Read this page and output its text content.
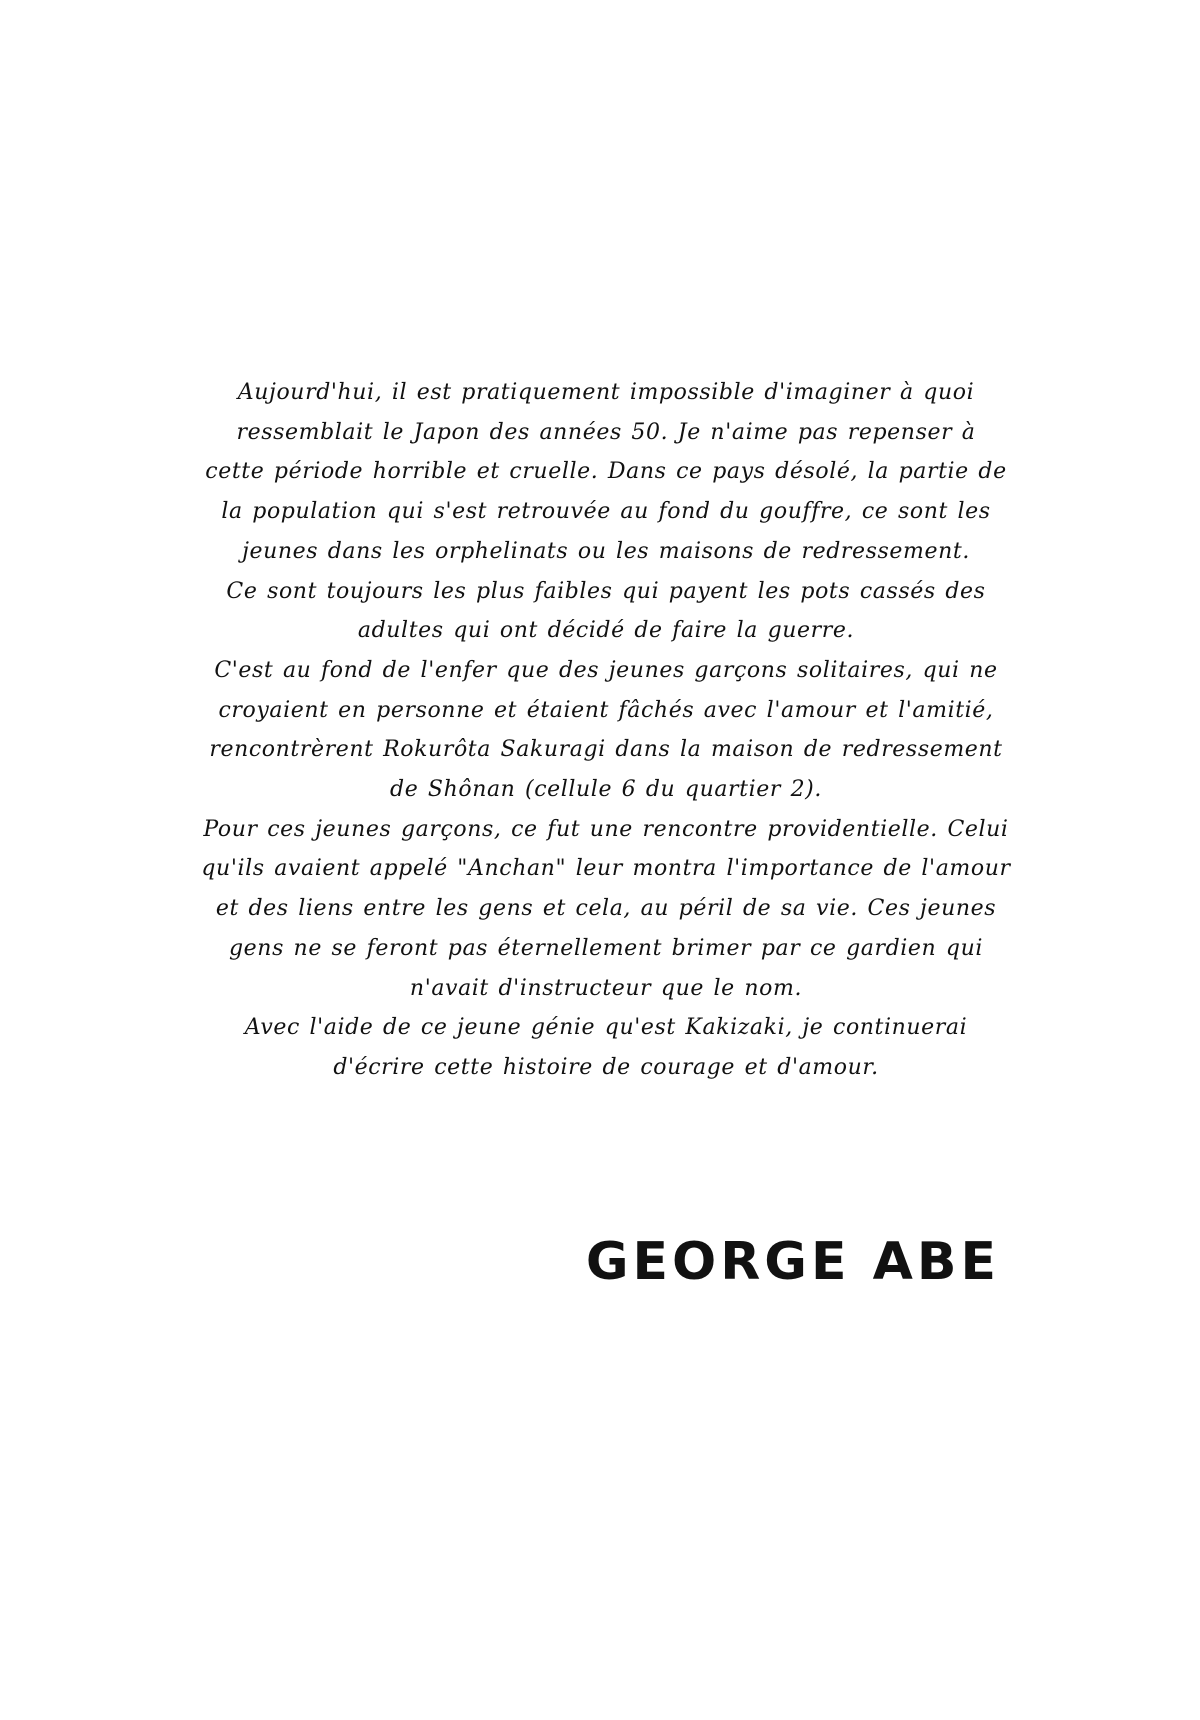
Aujourd'hui, il est pratiquement impossible d'imaginer à quoi
ressemblait le Japon des années 50. Je n'aime pas repenser à
cette période horrible et cruelle. Dans ce pays désolé, la partie de
la population qui s'est retrouvée au fond du gouffre, ce sont les
jeunes dans les orphelinats ou les maisons de redressement.
Ce sont toujours les plus faibles qui payent les pots cassés des
adultes qui ont décidé de faire la guerre.
C'est au fond de l'enfer que des jeunes garçons solitaires, qui ne
croyaient en personne et étaient fâchés avec l'amour et l'amitié,
rencontrèrent Rokurôta Sakuragi dans la maison de redressement
de Shônan (cellule 6 du quartier 2).
Pour ces jeunes garçons, ce fut une rencontre providentielle. Celui
qu'ils avaient appelé "Anchan" leur montra l'importance de l'amour
et des liens entre les gens et cela, au péril de sa vie. Ces jeunes
gens ne se feront pas éternellement brimer par ce gardien qui
n'avait d'instructeur que le nom.
Avec l'aide de ce jeune génie qu'est Kakizaki, je continuerai
d'écrire cette histoire de courage et d'amour.
GEORGE ABE
